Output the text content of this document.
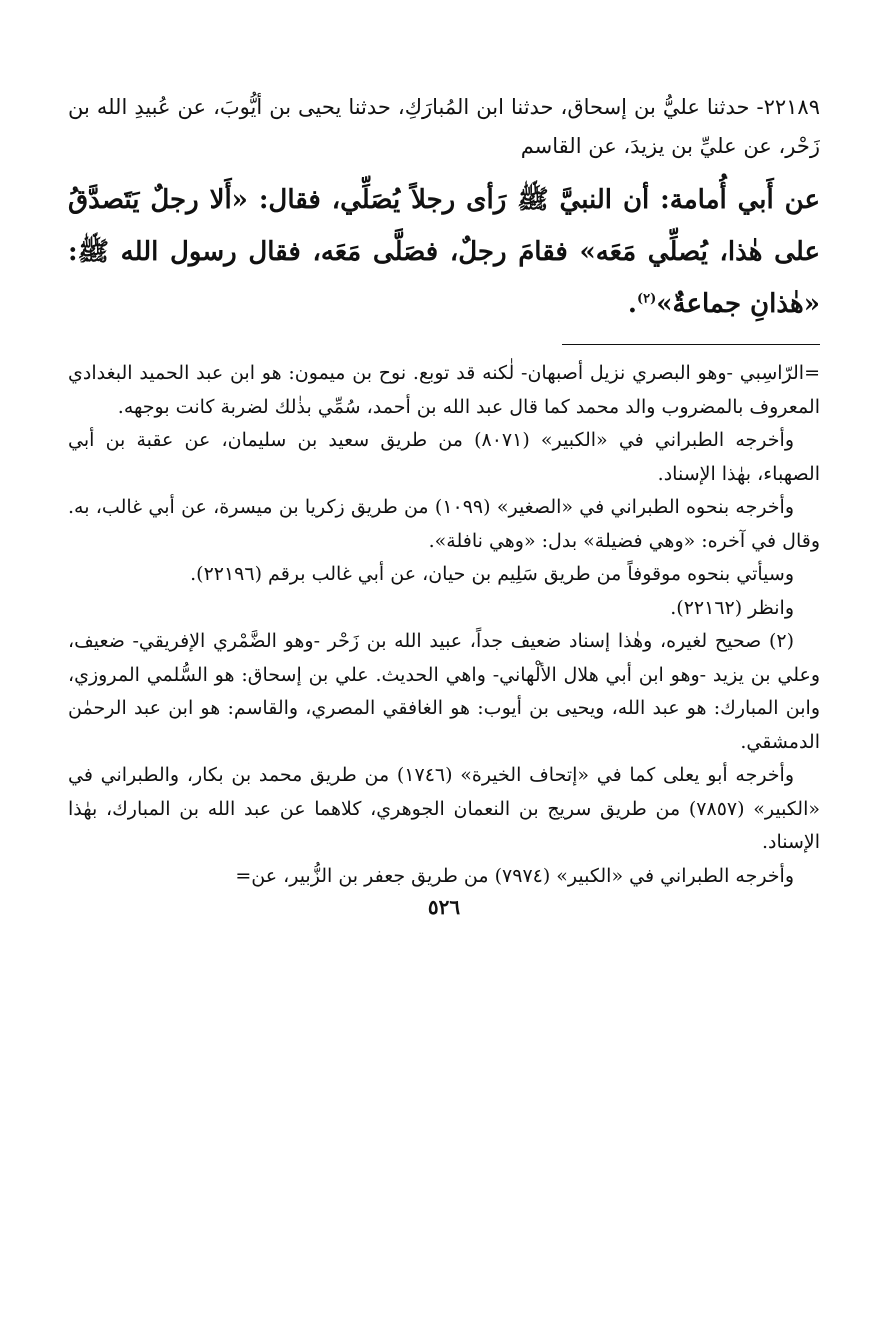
٢٢١٨٩- حدثنا عليُّ بن إسحاق، حدثنا ابن المُبارَكِ، حدثنا يحيى بن أيُّوبَ، عن عُبيدِ الله بن زَحْر، عن عليِّ بن يزيدَ، عن القاسم

عن أَبي أُمامة: أن النبيَّ ﷺ رَأى رجلاً يُصَلِّي، فقال: «أَلا رجلٌ يَتَصدَّقُ على هٰذا، يُصلِّي مَعَه» فقامَ رجلٌ، فصَلَّى مَعَه، فقال رسول الله ﷺ: «هٰذانِ جماعةٌ»$^{(٢)}$.

=الرّاسِبي -وهو البصري نزيل أصبهان- لٰكنه قد توبع. نوح بن ميمون: هو ابن عبد الحميد البغدادي المعروف بالمضروب والد محمد كما قال عبد الله بن أحمد، سُمِّي بذٰلك لضربة كانت بوجهه.

وأخرجه الطبراني في «الكبير» (٨٠٧١) من طريق سعيد بن سليمان، عن عقبة بن أبي الصهباء، بهٰذا الإسناد.

وأخرجه بنحوه الطبراني في «الصغير» (١٠٩٩) من طريق زكريا بن ميسرة، عن أبي غالب، به. وقال في آخره: «وهي فضيلة» بدل: «وهي نافلة».

وسيأتي بنحوه موقوفاً من طريق سَلِيم بن حيان، عن أبي غالب برقم (٢٢١٩٦).

وانظر (٢٢١٦٢).

(٢) صحيح لغيره، وهٰذا إسناد ضعيف جداً، عبيد الله بن زَحْر -وهو الضَّمْري الإفريقي- ضعيف، وعلي بن يزيد -وهو ابن أبي هلال الألْهاني- واهي الحديث. علي بن إسحاق: هو السُّلمي المروزي، وابن المبارك: هو عبد الله، ويحيى بن أيوب: هو الغافقي المصري، والقاسم: هو ابن عبد الرحمٰن الدمشقي.

وأخرجه أبو يعلى كما في «إتحاف الخيرة» (١٧٤٦) من طريق محمد بن بكار، والطبراني في «الكبير» (٧٨٥٧) من طريق سريج بن النعمان الجوهري، كلاهما عن عبد الله بن المبارك، بهٰذا الإسناد.

وأخرجه الطبراني في «الكبير» (٧٩٧٤) من طريق جعفر بن الزُّبير، عن=

٥٢٦
